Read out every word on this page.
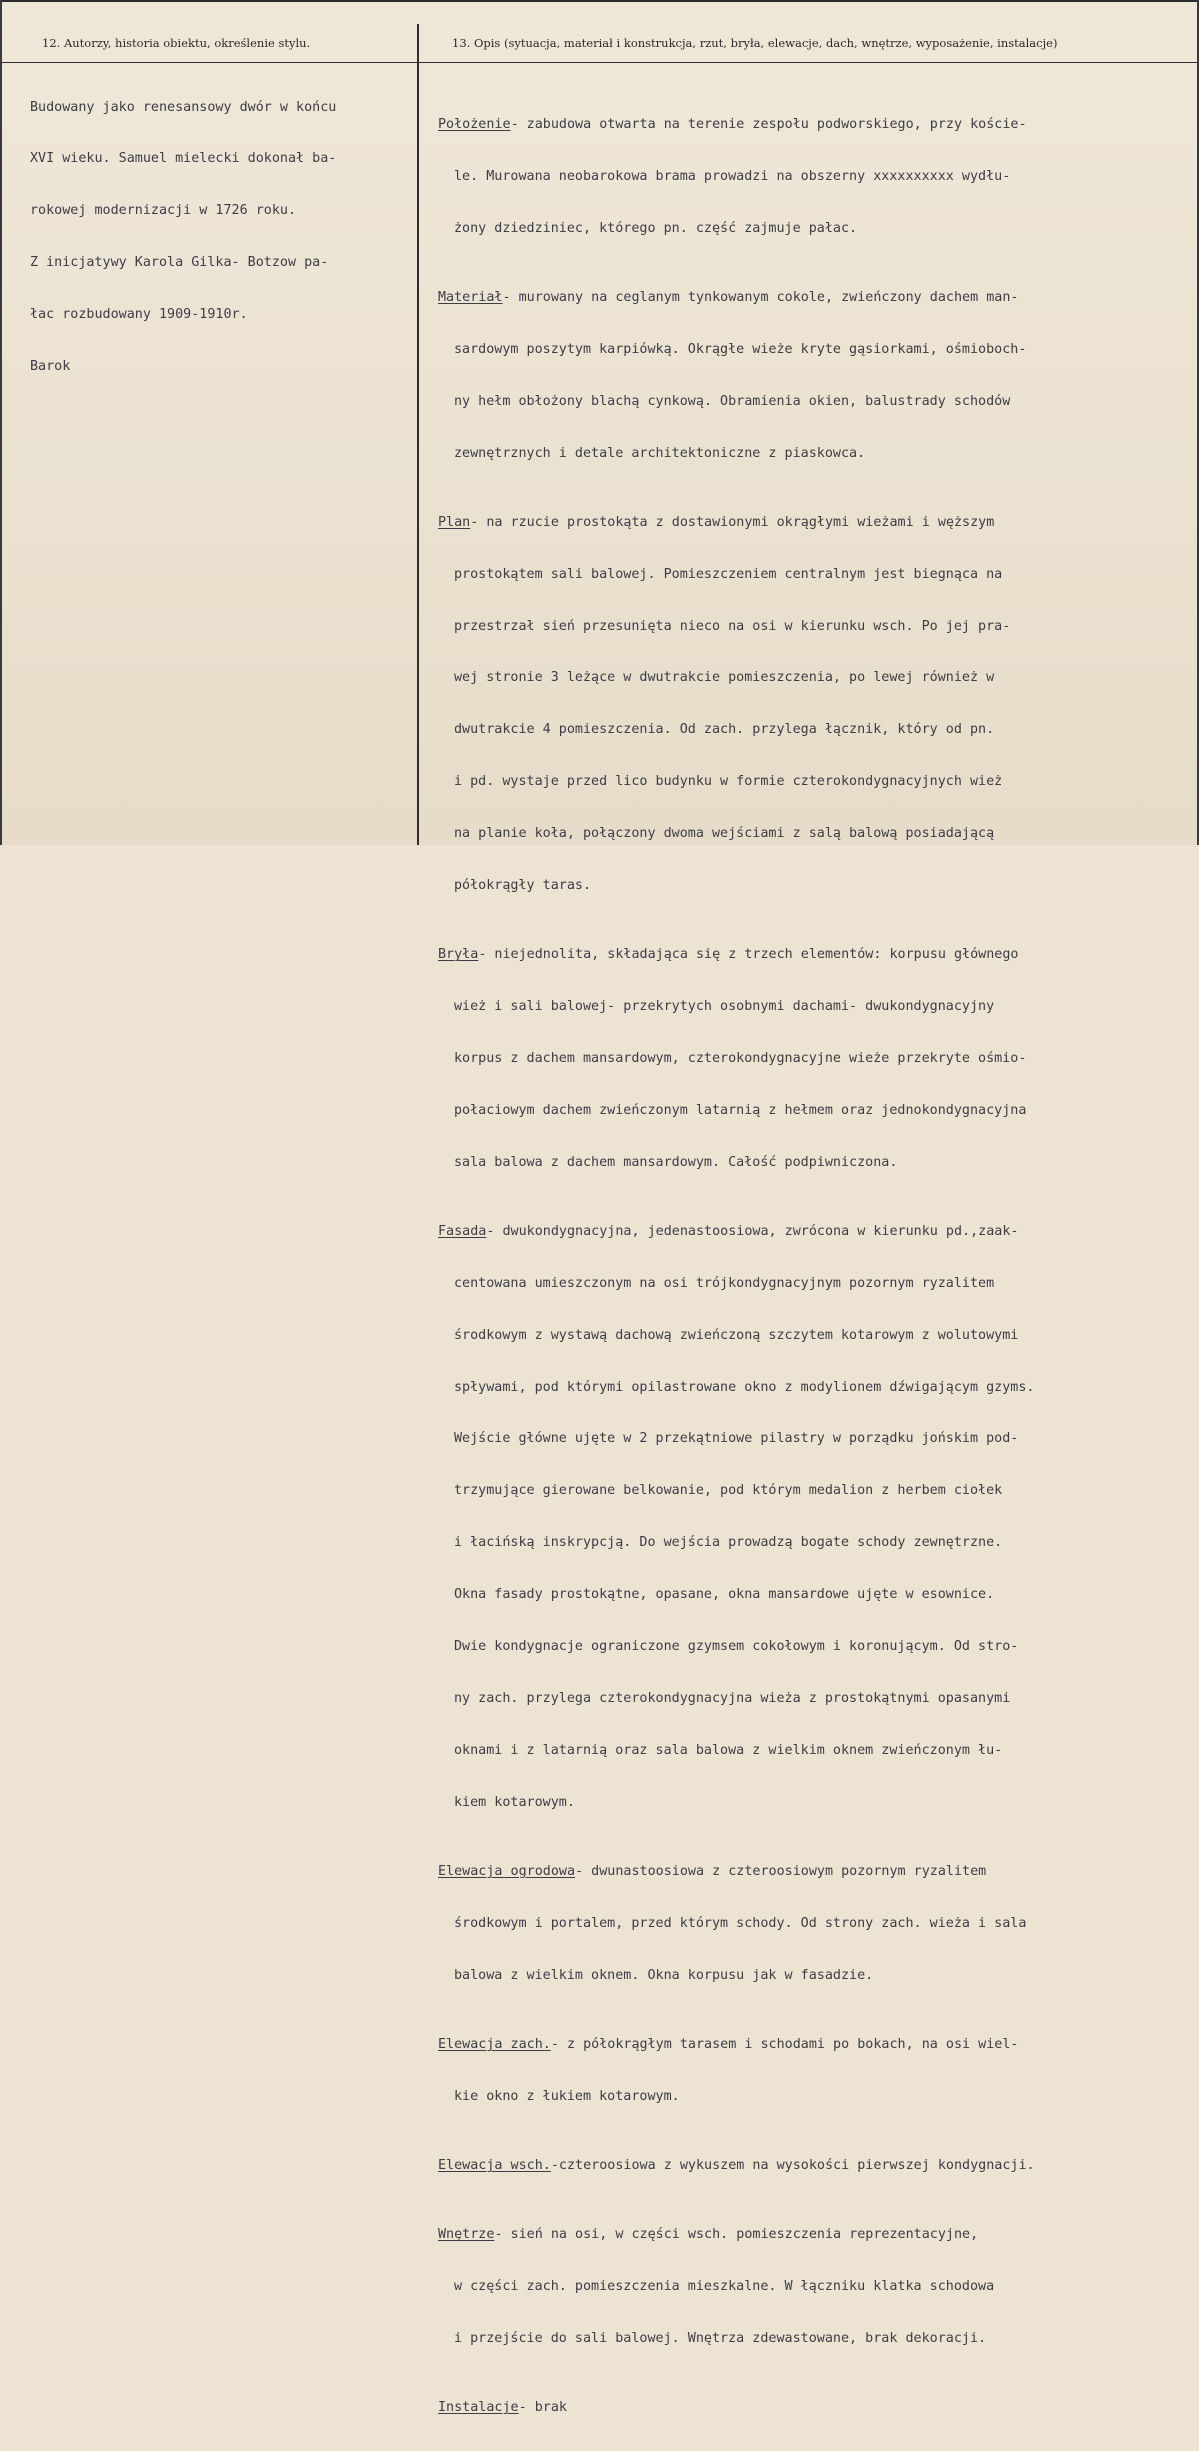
12. Autorzy, historia obiektu, określenie stylu.	13. Opis (sytuacja, materiał i konstrukcja, rzut, bryła, elewacje, dach, wnętrze, wyposażenie, instalacje)

Budowany jako renesansowy dwór w końcu

XVI wieku. Samuel mielecki dokonał ba-

rokowej modernizacji w 1726 roku.

Z inicjatywy Karola Gilka- Botzow pa-

łac rozbudowany 1909-1910r.

Barok

Położenie- zabudowa otwarta na terenie zespołu podworskiego, przy koście-

le. Murowana neobarokowa brama prowadzi na obszerny xxxxxxxxxx wydłu-

żony dziedziniec, którego pn. część zajmuje pałac.

Materiał- murowany na ceglanym tynkowanym cokole, zwieńczony dachem man-

sardowym poszytym karpiówką. Okrągłe wieże kryte gąsiorkami, ośmioboch-

ny hełm obłożony blachą cynkową. Obramienia okien, balustrady schodów

zewnętrznych i detale architektoniczne z piaskowca.

Plan- na rzucie prostokąta z dostawionymi okrągłymi wieżami i węższym

prostokątem sali balowej. Pomieszczeniem centralnym jest biegnąca na

przestrzał sień przesunięta nieco na osi w kierunku wsch. Po jej pra-

wej stronie 3 leżące w dwutrakcie pomieszczenia, po lewej również w

dwutrakcie 4 pomieszczenia. Od zach. przylega łącznik, który od pn.

i pd. wystaje przed lico budynku w formie czterokondygnacyjnych wież

na planie koła, połączony dwoma wejściami z salą balową posiadającą

półokrągły taras.

Bryła- niejednolita, składająca się z trzech elementów: korpusu głównego

wież i sali balowej- przekrytych osobnymi dachami- dwukondygnacyjny

korpus z dachem mansardowym, czterokondygnacyjne wieże przekryte ośmio-

połaciowym dachem zwieńczonym latarnią z hełmem oraz jednokondygnacyjna

sala balowa z dachem mansardowym. Całość podpiwniczona.

Fasada- dwukondygnacyjna, jedenastoosiowa, zwrócona w kierunku pd.,zaak-

centowana umieszczonym na osi trójkondygnacyjnym pozornym ryzalitem

środkowym z wystawą dachową zwieńczoną szczytem kotarowym z wolutowymi

spływami, pod którymi opilastrowane okno z modylionem dźwigającym gzyms.

Wejście główne ujęte w 2 przekątniowe pilastry w porządku jońskim pod-

trzymujące gierowane belkowanie, pod którym medalion z herbem ciołek

i łacińską inskrypcją. Do wejścia prowadzą bogate schody zewnętrzne.

Okna fasady prostokątne, opasane, okna mansardowe ujęte w esownice.

Dwie kondygnacje ograniczone gzymsem cokołowym i koronującym. Od stro-

ny zach. przylega czterokondygnacyjna wieża z prostokątnymi opasanymi

oknami i z latarnią oraz sala balowa z wielkim oknem zwieńczonym łu-

kiem kotarowym.

Elewacja ogrodowa- dwunastoosiowa z czteroosiowym pozornym ryzalitem

środkowym i portalem, przed którym schody. Od strony zach. wieża i sala

balowa z wielkim oknem. Okna korpusu jak w fasadzie.

Elewacja zach.- z półokrągłym tarasem i schodami po bokach, na osi wiel-

kie okno z łukiem kotarowym.

Elewacja wsch.-czteroosiowa z wykuszem na wysokości pierwszej kondygnacji.

Wnętrze- sień na osi, w części wsch. pomieszczenia reprezentacyjne,

w części zach. pomieszczenia mieszkalne. W łączniku klatka schodowa

i przejście do sali balowej. Wnętrza zdewastowane, brak dekoracji.

Instalacje- brak
